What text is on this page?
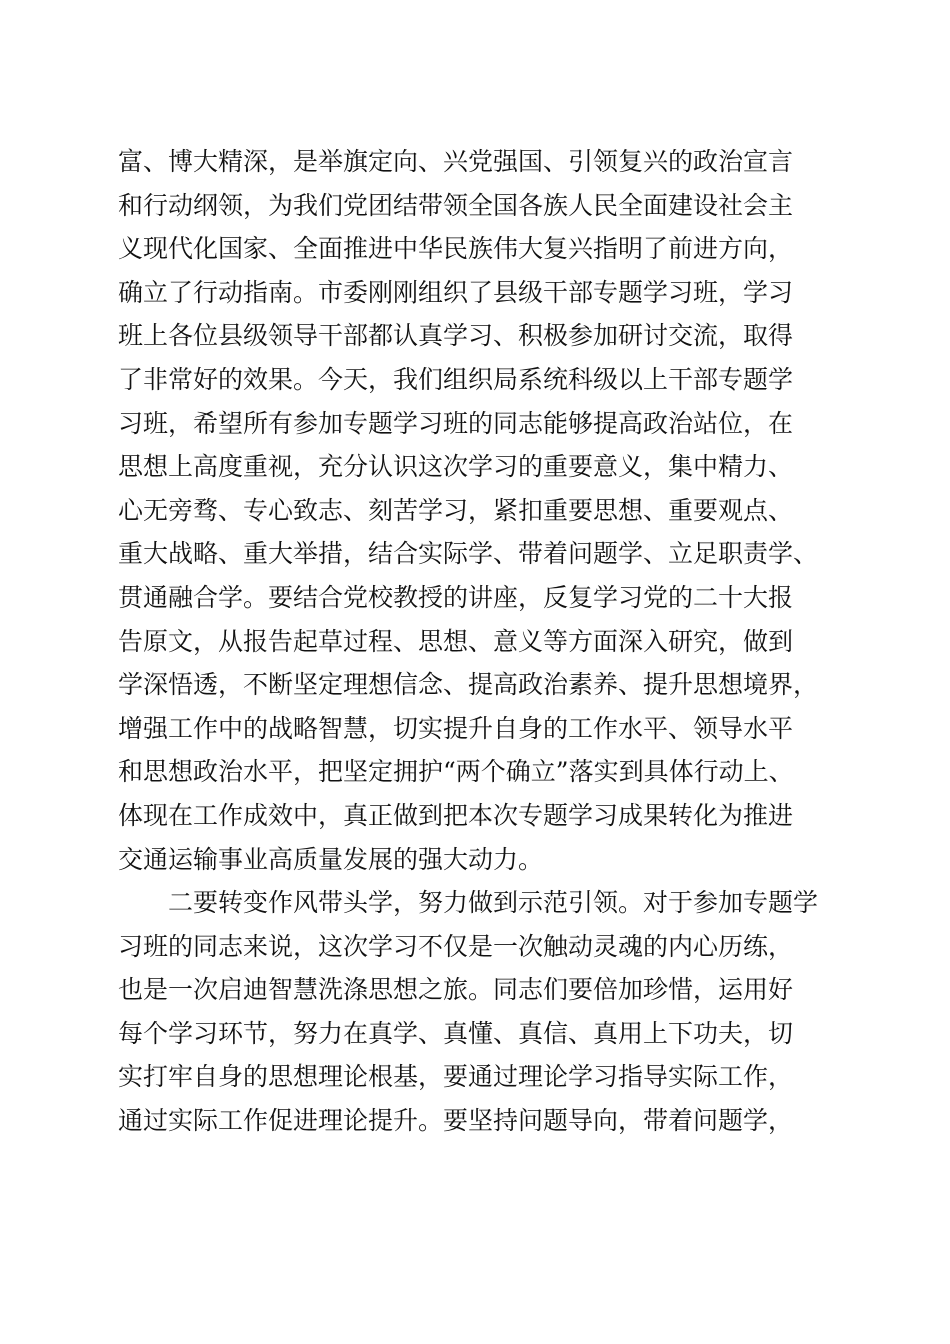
富、博大精深，是举旗定向、兴党强国、引领复兴的政治宣言
和行动纲领，为我们党团结带领全国各族人民全面建设社会主
义现代化国家、全面推进中华民族伟大复兴指明了前进方向，
确立了行动指南。市委刚刚组织了县级干部专题学习班，学习
班上各位县级领导干部都认真学习、积极参加研讨交流，取得
了非常好的效果。今天，我们组织局系统科级以上干部专题学
习班，希望所有参加专题学习班的同志能够提高政治站位，在
思想上高度重视，充分认识这次学习的重要意义，集中精力、
心无旁骛、专心致志、刻苦学习，紧扣重要思想、重要观点、
重大战略、重大举措，结合实际学、带着问题学、立足职责学、
贯通融合学。要结合党校教授的讲座，反复学习党的二十大报
告原文，从报告起草过程、思想、意义等方面深入研究，做到
学深悟透，不断坚定理想信念、提高政治素养、提升思想境界，
增强工作中的战略智慧，切实提升自身的工作水平、领导水平
和思想政治水平，把坚定拥护“两个确立”落实到具体行动上、
体现在工作成效中，真正做到把本次专题学习成果转化为推进
交通运输事业高质量发展的强大动力。
二要转变作风带头学，努力做到示范引领。对于参加专题学
习班的同志来说，这次学习不仅是一次触动灵魂的内心历练，
也是一次启迪智慧洗涤思想之旅。同志们要倍加珍惜，运用好
每个学习环节，努力在真学、真懂、真信、真用上下功夫，切
实打牢自身的思想理论根基，要通过理论学习指导实际工作，
通过实际工作促进理论提升。要坚持问题导向，带着问题学，
